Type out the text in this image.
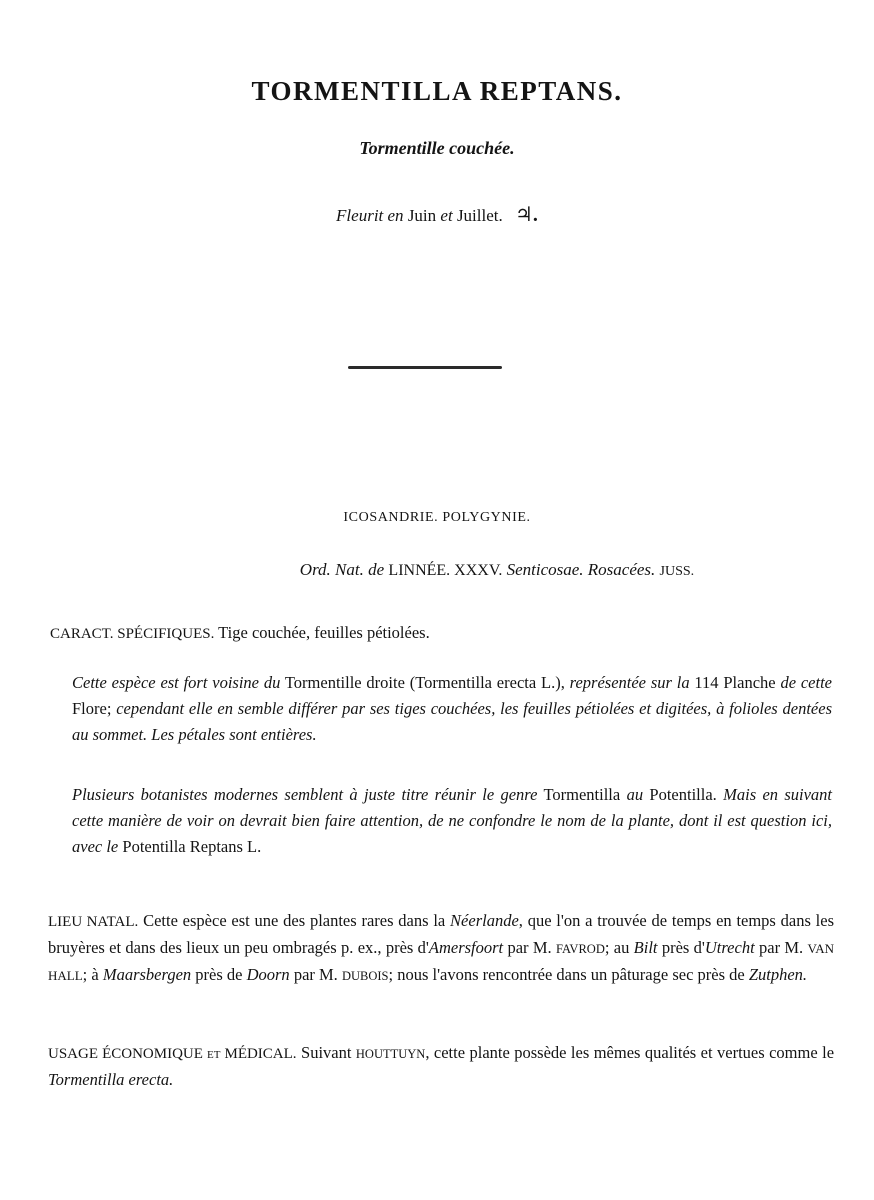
TORMENTILLA REPTANS.
Tormentille couchée.
Fleurit en Juin et Juillet. ♃.
ICOSANDRIE. POLYGYNIE.
Ord. Nat. de LINNÉE. XXXV. Senticosae. Rosacées. JUSS.
CARACT. SPÉCIFIQUES. Tige couchée, feuilles pétiolées.
Cette espèce est fort voisine du Tormentille droite (Tormentilla erecta L.), représentée sur la 114 Planche de cette Flore; cependant elle en semble différer par ses tiges couchées, les feuilles pétiolées et digitées, à folioles dentées au sommet. Les pétales sont entières.
Plusieurs botanistes modernes semblent à juste titre réunir le genre Tormentilla au Potentilla. Mais en suivant cette manière de voir on devrait bien faire attention, de ne confondre le nom de la plante, dont il est question ici, avec le Potentilla Reptans L.
LIEU NATAL. Cette espèce est une des plantes rares dans la Néerlande, que l'on a trouvée de temps en temps dans les bruyères et dans des lieux un peu ombragés p. ex., près d'Amersfoort par M. FAVROD; au Bilt près d'Utrecht par M. VAN HALL; à Maarsbergen près de Doorn par M. DUBOIS; nous l'avons rencontrée dans un pâturage sec près de Zutphen.
USAGE ÉCONOMIQUE et MÉDICAL. Suivant HOUTTUYN, cette plante possède les mêmes qualités et vertues comme le Tormentilla erecta.
